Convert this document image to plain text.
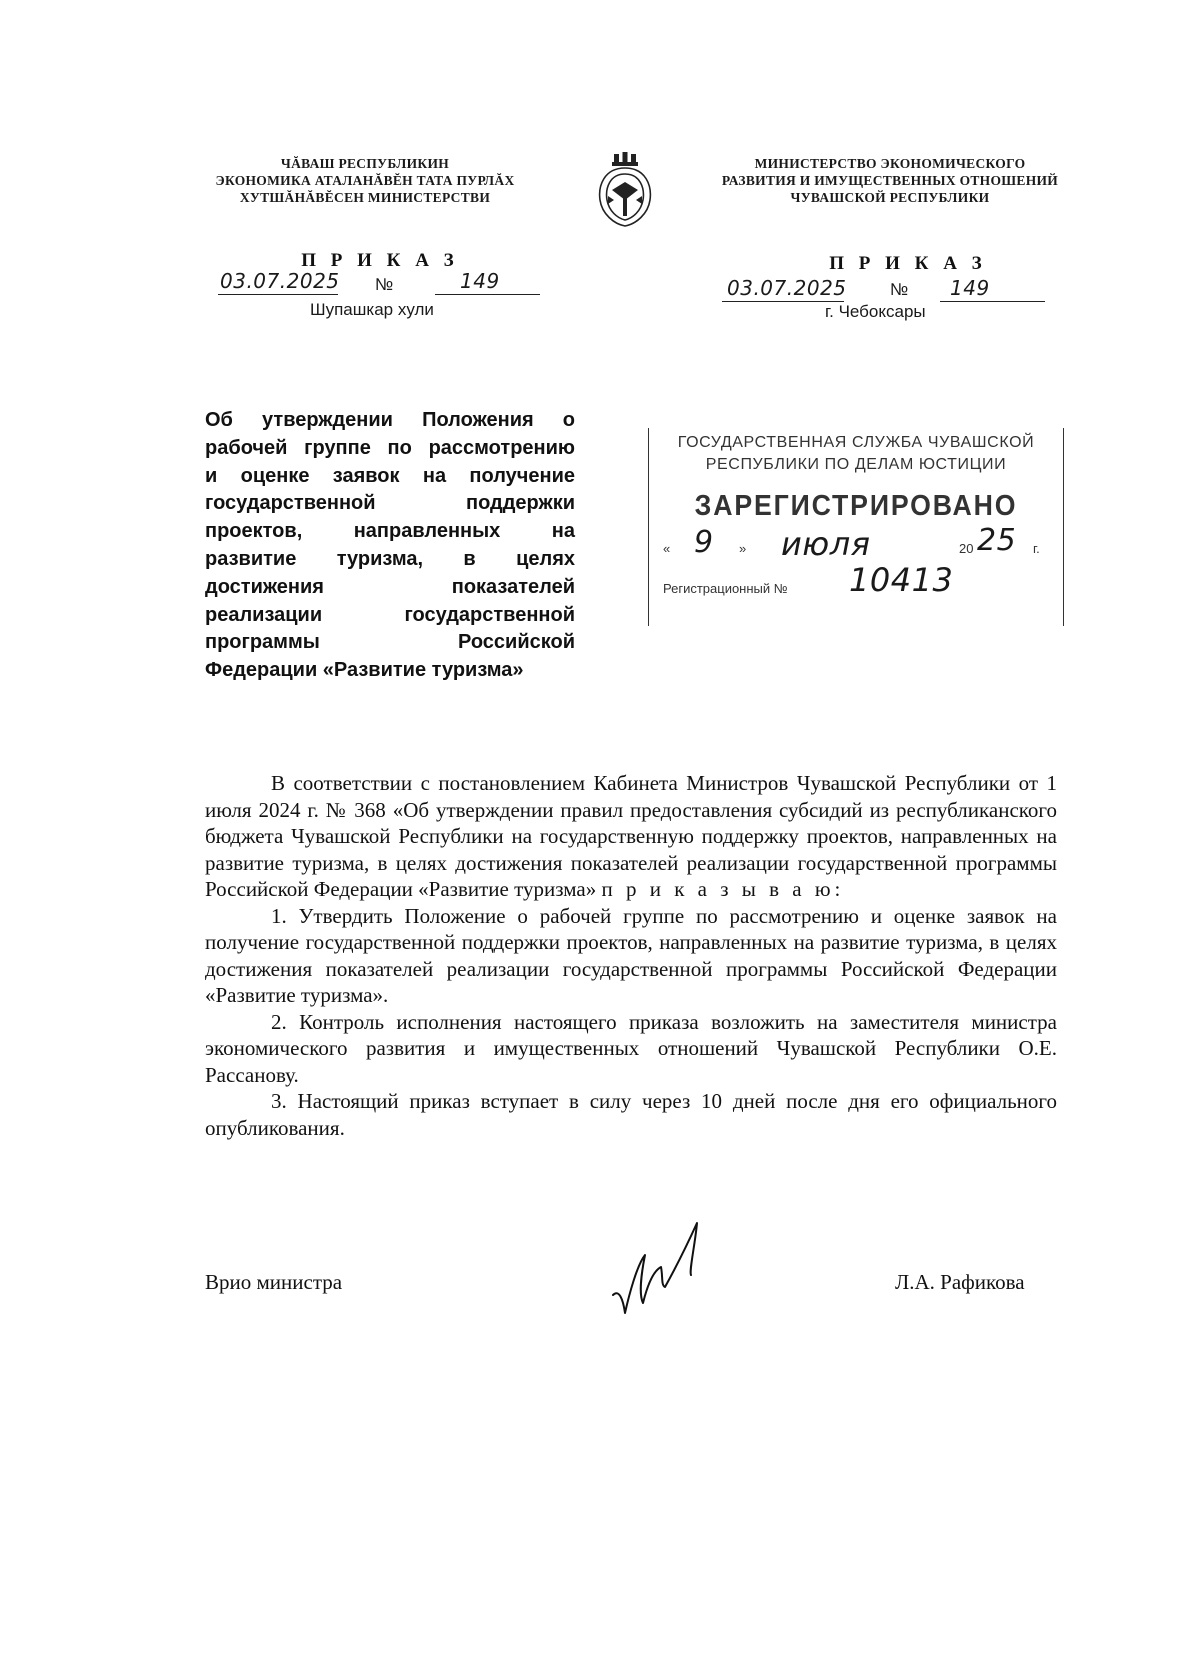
ЧĂВАШ РЕСПУБЛИКИН
ЭКОНОМИКА АТАЛАНĂВĔН ТАТА ПУРЛĂХ
ХУТШĂНĂВĔСЕН МИНИСТЕРСТВИ
МИНИСТЕРСТВО ЭКОНОМИЧЕСКОГО
РАЗВИТИЯ И ИМУЩЕСТВЕННЫХ ОТНОШЕНИЙ
ЧУВАШСКОЙ РЕСПУБЛИКИ
П Р И К А З
03.07.2025 №	149
Шупашкар хули
П Р И К А З
03.07.2025	№ 149
г. Чебоксары
Об утверждении Положения о
рабочей группе по рассмотрению
и оценке заявок на получение
государственной поддержки
проектов, направленных на
развитие туризма, в целях
достижения показателей
реализации государственной
программы Российской
Федерации «Развитие туризма»
ГОСУДАРСТВЕННАЯ СЛУЖБА ЧУВАШСКОЙ
РЕСПУБЛИКИ ПО ДЕЛАМ ЮСТИЦИИ
ЗАРЕГИСТРИРОВАНО
« 9 » июля	20 25 г.
Регистрационный № 10413

В соответствии с постановлением Кабинета Министров Чувашской Республики от 1 июля 2024 г. № 368 «Об утверждении правил предоставления субсидий из республиканского бюджета Чувашской Республики на государственную поддержку проектов, направленных на развитие туризма, в целях достижения показателей реализации государственной программы Российской Федерации «Развитие туризма» п р и к а з ы в а ю:

1. Утвердить Положение о рабочей группе по рассмотрению и оценке заявок на получение государственной поддержки проектов, направленных на развитие туризма, в целях достижения показателей реализации государственной программы Российской Федерации «Развитие туризма».

2. Контроль исполнения настоящего приказа возложить на заместителя министра экономического развития и имущественных отношений Чувашской Республики О.Е. Рассанову.

3. Настоящий приказ вступает в силу через 10 дней после дня его официального опубликования.

Врио министра	Л.А. Рафикова
